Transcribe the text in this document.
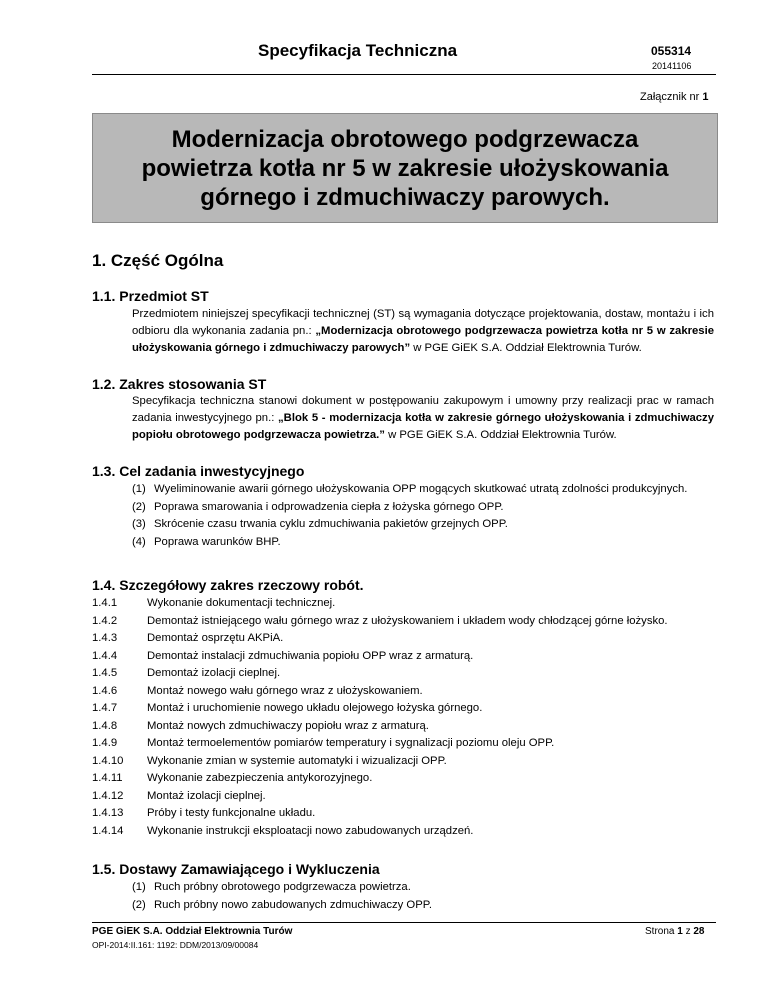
Specyfikacja Techniczna	055314
20141106
Załącznik nr 1
Modernizacja obrotowego podgrzewacza powietrza kotła nr 5 w zakresie ułożyskowania górnego i zdmuchiwaczy parowych.
1. Część Ogólna
1.1. Przedmiot ST
Przedmiotem niniejszej specyfikacji technicznej (ST) są wymagania dotyczące projektowania, dostaw, montażu i ich odbioru dla wykonania zadania pn.: „Modernizacja obrotowego podgrzewacza powietrza kotła nr 5 w zakresie ułożyskowania górnego i zdmuchiwaczy parowych” w PGE GiEK S.A. Oddział Elektrownia Turów.
1.2. Zakres stosowania ST
Specyfikacja techniczna stanowi dokument w postępowaniu zakupowym i umowny przy realizacji prac w ramach zadania inwestycyjnego pn.: „Blok 5 - modernizacja kotła w zakresie górnego ułożyskowania i zdmuchiwaczy popiołu obrotowego podgrzewacza powietrza.” w PGE GiEK S.A. Oddział Elektrownia Turów.
1.3. Cel zadania inwestycyjnego
(1) Wyeliminowanie awarii górnego ułożyskowania OPP mogących skutkować utratą zdolności produkcyjnych.
(2) Poprawa smarowania i odprowadzenia ciepła z łożyska górnego OPP.
(3) Skrócenie czasu trwania cyklu zdmuchiwania pakietów grzejnych OPP.
(4) Poprawa warunków BHP.
1.4. Szczegółowy zakres rzeczowy robót.
1.4.1	Wykonanie dokumentacji technicznej.
1.4.2	Demontaż istniejącego wału górnego wraz z ułożyskowaniem i układem wody chłodzącej górne łożysko.
1.4.3	Demontaż osprzętu AKPiA.
1.4.4	Demontaż instalacji zdmuchiwania popiołu OPP wraz z armaturą.
1.4.5	Demontaż izolacji cieplnej.
1.4.6	Montaż nowego wału górnego wraz z ułożyskowaniem.
1.4.7	Montaż i uruchomienie nowego układu olejowego łożyska górnego.
1.4.8	Montaż nowych zdmuchiwaczy popiołu wraz z armaturą.
1.4.9	Montaż termoelementów pomiarów temperatury i sygnalizacji poziomu oleju OPP.
1.4.10	Wykonanie zmian w systemie automatyki i wizualizacji OPP.
1.4.11	Wykonanie zabezpieczenia antykorozyjnego.
1.4.12	Montaż izolacji cieplnej.
1.4.13	Próby i testy funkcjonalne układu.
1.4.14	Wykonanie instrukcji eksploatacji nowo zabudowanych urządzeń.
1.5. Dostawy Zamawiającego i Wykluczenia
(1) Ruch próbny obrotowego podgrzewacza powietrza.
(2) Ruch próbny nowo zabudowanych zdmuchiwaczy OPP.
PGE GiEK S.A. Oddział Elektrownia Turów
OPI-2014:II.161: 1192: DDM/2013/09/00084
Strona 1 z 28
